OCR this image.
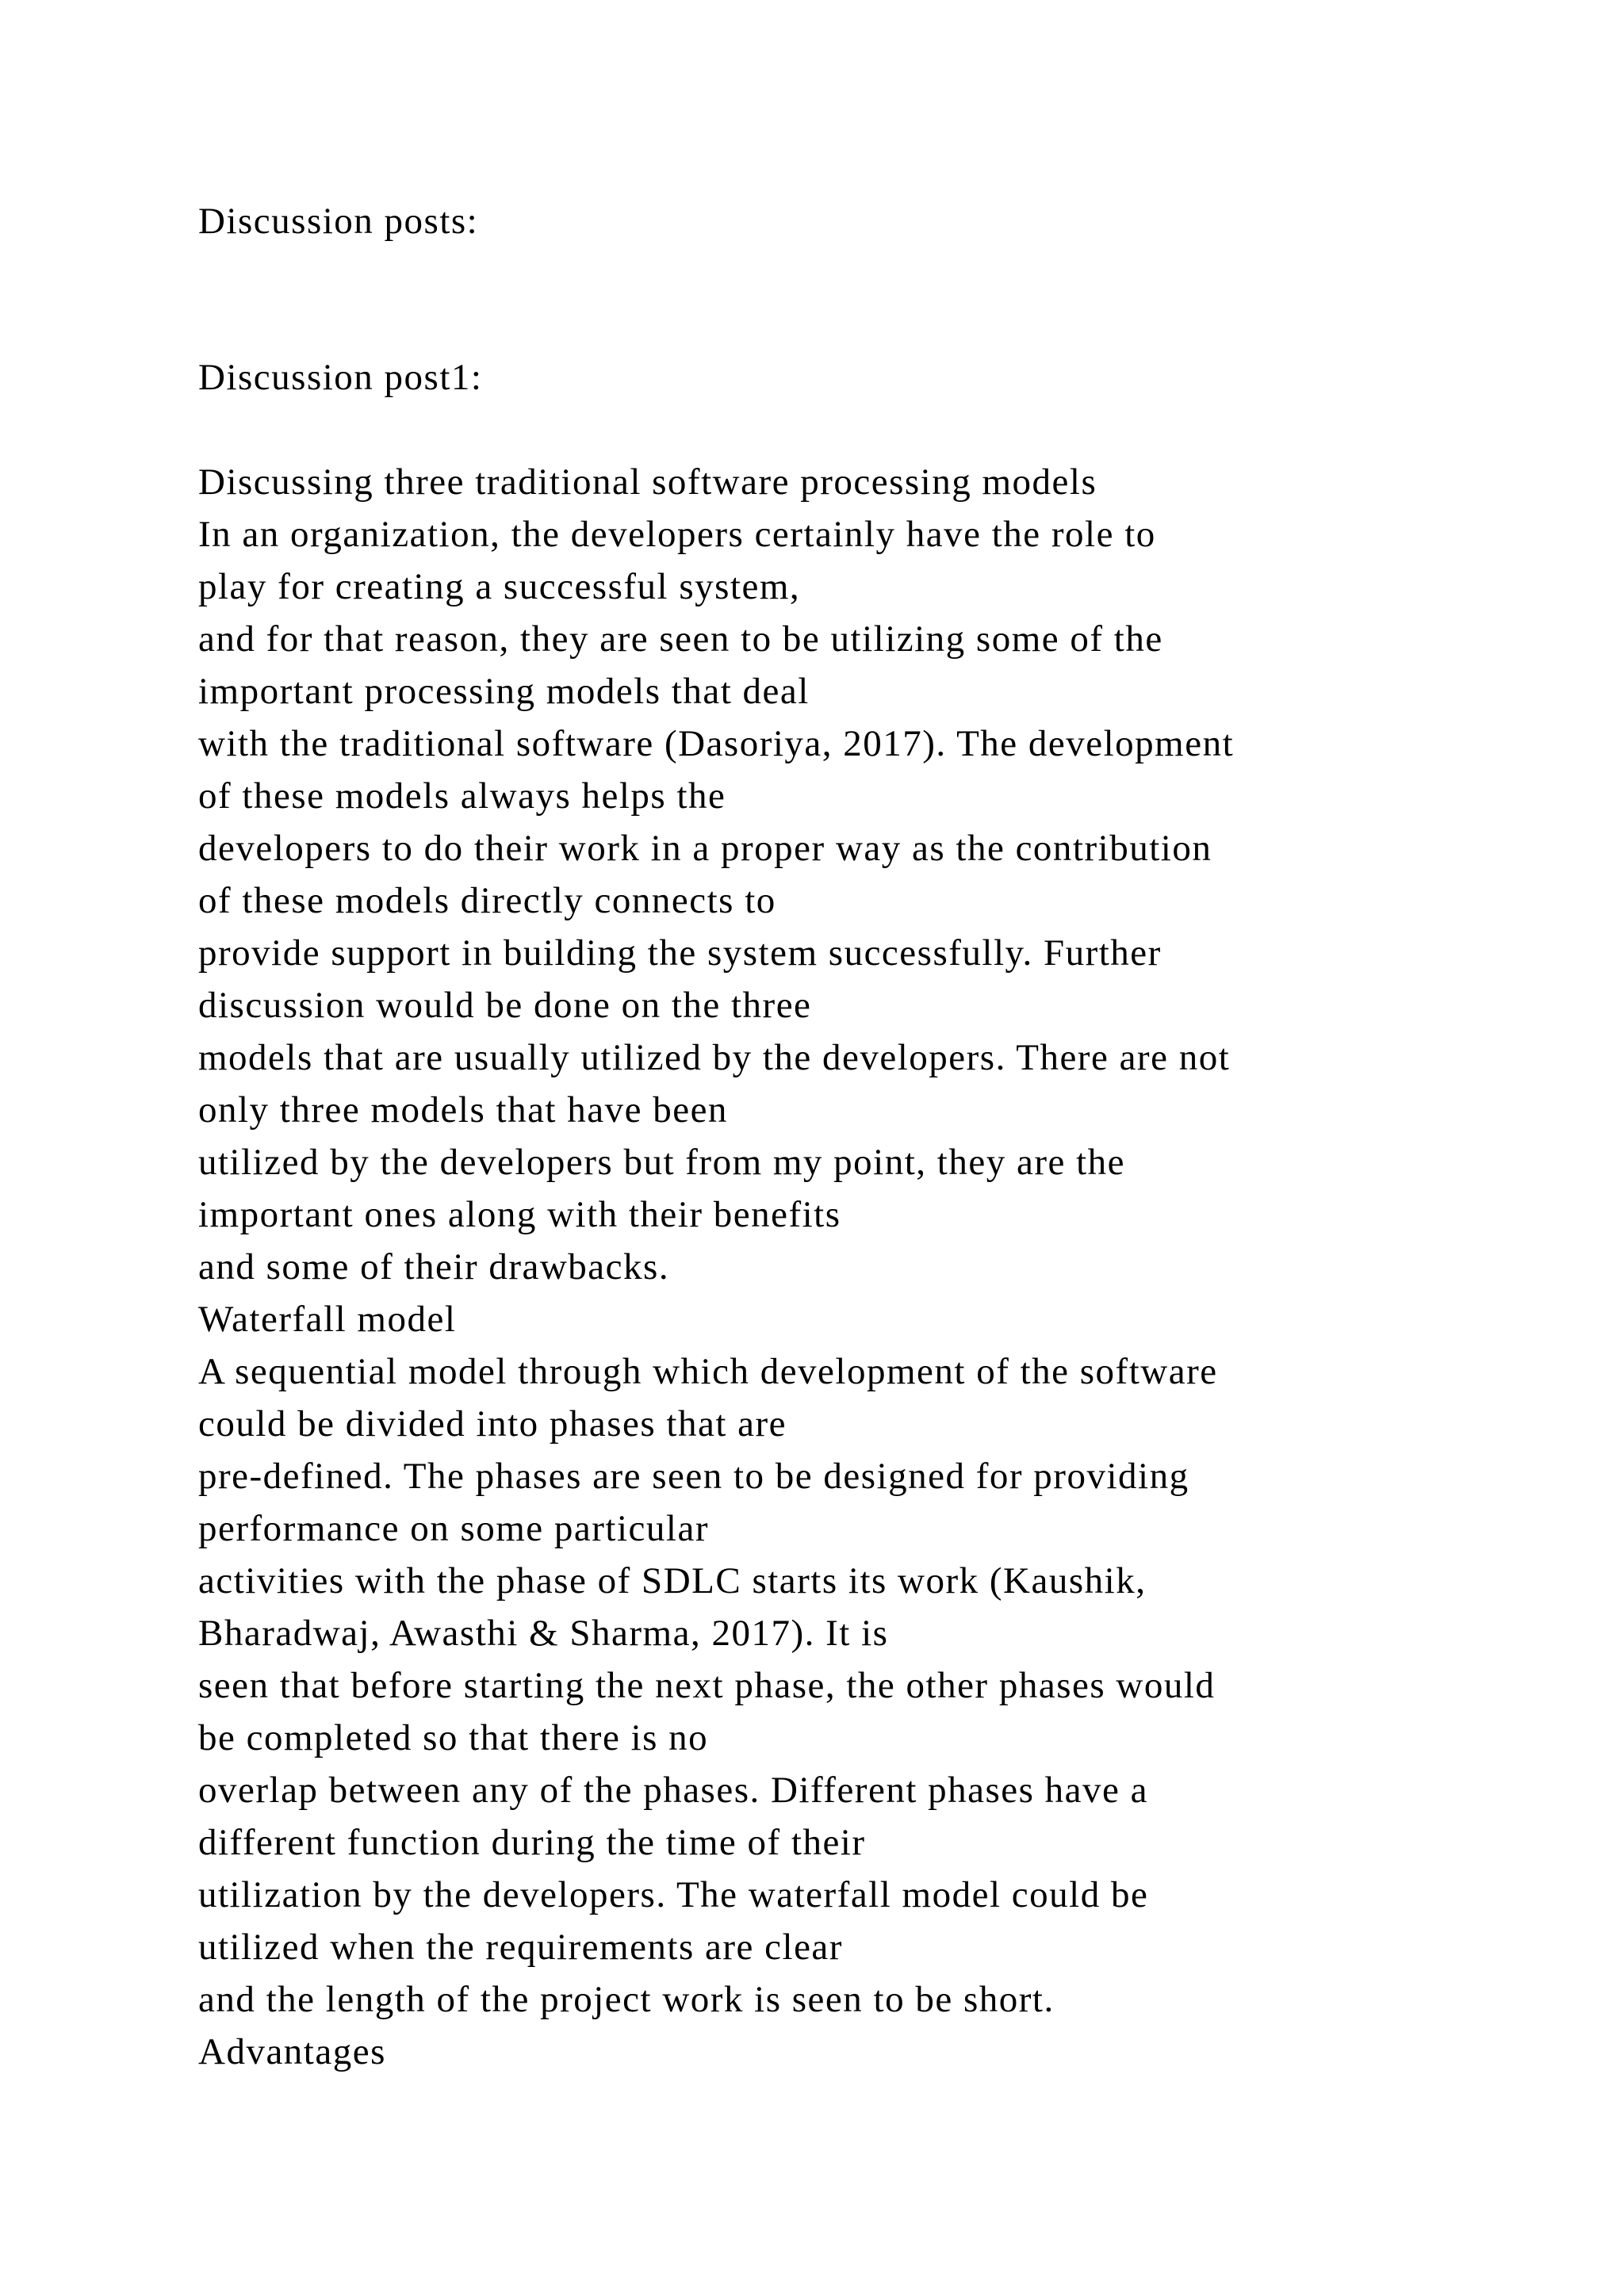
Discussion posts:
Discussion post1:
Discussing three traditional software processing models
In an organization, the developers certainly have the role to
play for creating a successful system,
and for that reason, they are seen to be utilizing some of the
important processing models that deal
with the traditional software (Dasoriya, 2017). The development
of these models always helps the
developers to do their work in a proper way as the contribution
of these models directly connects to
provide support in building the system successfully. Further
discussion would be done on the three
models that are usually utilized by the developers. There are not
only three models that have been
utilized by the developers but from my point, they are the
important ones along with their benefits
and some of their drawbacks.
Waterfall model
A sequential model through which development of the software
could be divided into phases that are
pre-defined. The phases are seen to be designed for providing
performance on some particular
activities with the phase of SDLC starts its work (Kaushik,
Bharadwaj, Awasthi & Sharma, 2017). It is
seen that before starting the next phase, the other phases would
be completed so that there is no
overlap between any of the phases. Different phases have a
different function during the time of their
utilization by the developers. The waterfall model could be
utilized when the requirements are clear
and the length of the project work is seen to be short.
Advantages
